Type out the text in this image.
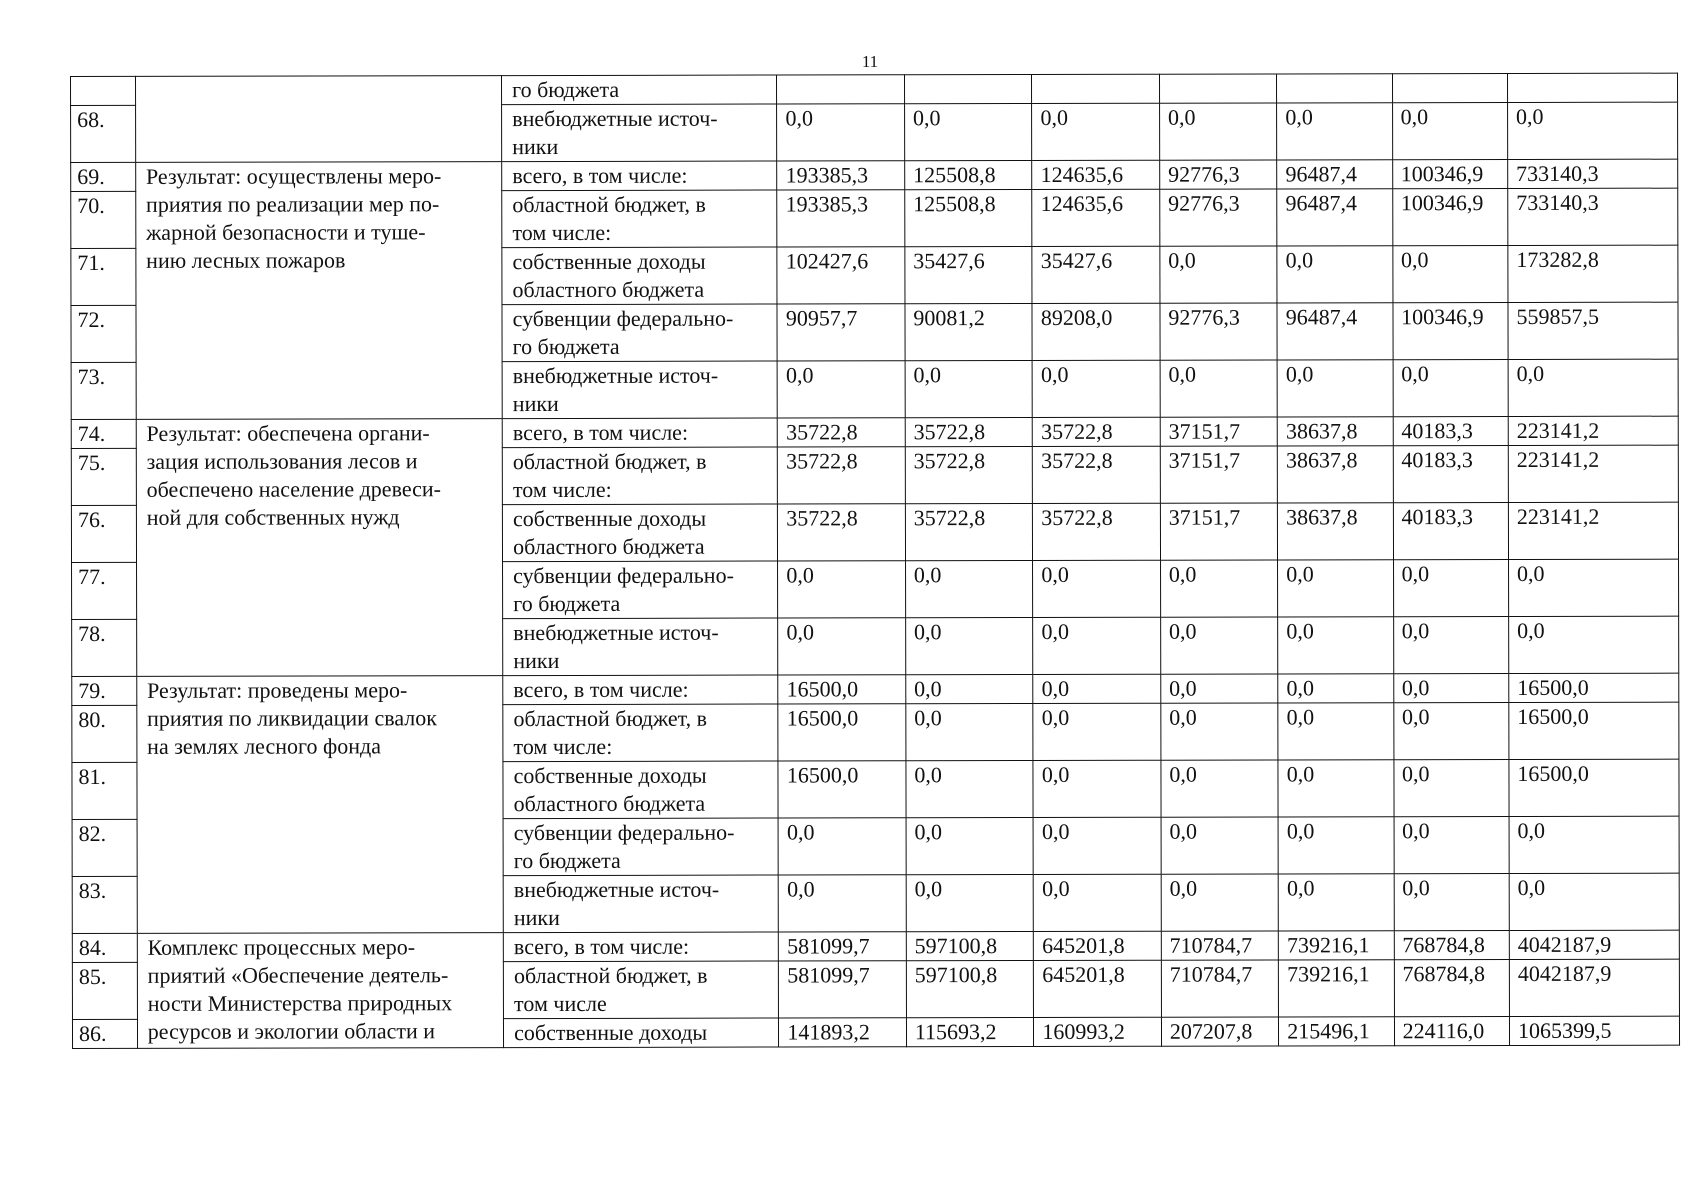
11
		го бюджета							
68.		внебюджетные источ-
ники	0,0	0,0	0,0	0,0	0,0	0,0	0,0
69.	Результат: осуществлены меро-
приятия по реализации мер по-
жарной безопасности и туше-
нию лесных пожаров	всего, в том числе:	193385,3	125508,8	124635,6	92776,3	96487,4	100346,9	733140,3
70.		областной бюджет, в
том числе:	193385,3	125508,8	124635,6	92776,3	96487,4	100346,9	733140,3
71.		собственные доходы
областного бюджета	102427,6	35427,6	35427,6	0,0	0,0	0,0	173282,8
72.		субвенции федерально-
го бюджета	90957,7	90081,2	89208,0	92776,3	96487,4	100346,9	559857,5
73.		внебюджетные источ-
ники	0,0	0,0	0,0	0,0	0,0	0,0	0,0
74.	Результат: обеспечена органи-
зация использования лесов и
обеспечено население древеси-
ной для собственных нужд	всего, в том числе:	35722,8	35722,8	35722,8	37151,7	38637,8	40183,3	223141,2
75.		областной бюджет, в
том числе:	35722,8	35722,8	35722,8	37151,7	38637,8	40183,3	223141,2
76.		собственные доходы
областного бюджета	35722,8	35722,8	35722,8	37151,7	38637,8	40183,3	223141,2
77.		субвенции федерально-
го бюджета	0,0	0,0	0,0	0,0	0,0	0,0	0,0
78.		внебюджетные источ-
ники	0,0	0,0	0,0	0,0	0,0	0,0	0,0
79.	Результат: проведены меро-
приятия по ликвидации свалок
на землях лесного фонда	всего, в том числе:	16500,0	0,0	0,0	0,0	0,0	0,0	16500,0
80.		областной бюджет, в
том числе:	16500,0	0,0	0,0	0,0	0,0	0,0	16500,0
81.		собственные доходы
областного бюджета	16500,0	0,0	0,0	0,0	0,0	0,0	16500,0
82.		субвенции федерально-
го бюджета	0,0	0,0	0,0	0,0	0,0	0,0	0,0
83.		внебюджетные источ-
ники	0,0	0,0	0,0	0,0	0,0	0,0	0,0
84.	Комплекс процессных меро-
приятий «Обеспечение деятель-
ности Министерства природных
ресурсов и экологии области и	всего, в том числе:	581099,7	597100,8	645201,8	710784,7	739216,1	768784,8	4042187,9
85.		областной бюджет, в
том числе	581099,7	597100,8	645201,8	710784,7	739216,1	768784,8	4042187,9
86.		собственные доходы	141893,2	115693,2	160993,2	207207,8	215496,1	224116,0	1065399,5
